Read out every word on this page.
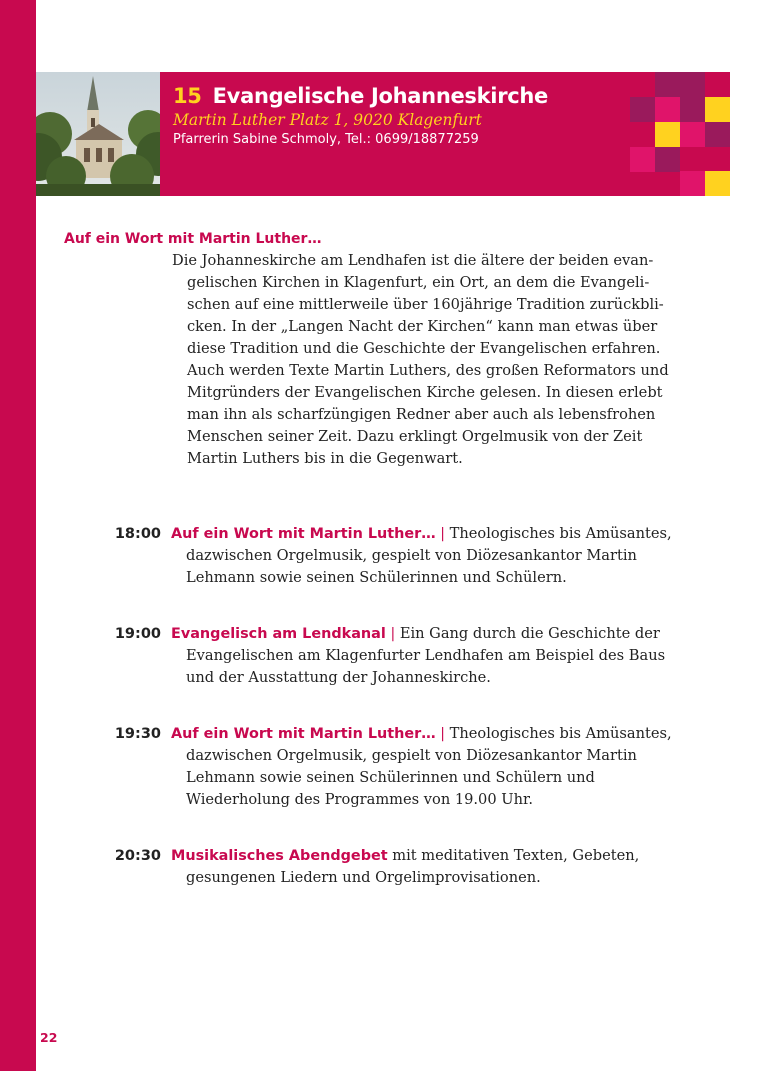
15 Evangelische Johanneskirche
Martin Luther Platz 1, 9020 Klagenfurt
Pfarrerin Sabine Schmoly, Tel.: 0699/18877259
Auf ein Wort mit Martin Luther…
Die Johanneskirche am Lendhafen ist die ältere der beiden evan-
gelischen Kirchen in Klagenfurt, ein Ort, an dem die Evangeli-
schen auf eine mittlerweile über 160jährige Tradition zurückbli-
cken. In der „Langen Nacht der Kirchen“ kann man etwas über
diese Tradition und die Geschichte der Evangelischen erfahren.
Auch werden Texte Martin Luthers, des großen Reformators und
Mitgründers der Evangelischen Kirche gelesen. In diesen erlebt
man ihn als scharfzüngigen Redner aber auch als lebensfrohen
Menschen seiner Zeit. Dazu erklingt Orgelmusik von der Zeit
Martin Luthers bis in die Gegenwart.
18:00 Auf ein Wort mit Martin Luther… | Theologisches bis Amüsantes,
dazwischen Orgelmusik, gespielt von Diözesankantor Martin
Lehmann sowie seinen Schülerinnen und Schülern.
19:00 Evangelisch am Lendkanal | Ein Gang durch die Geschichte der
Evangelischen am Klagenfurter Lendhafen am Beispiel des Baus
und der Ausstattung der Johanneskirche.
19:30 Auf ein Wort mit Martin Luther… | Theologisches bis Amüsantes,
dazwischen Orgelmusik, gespielt von Diözesankantor Martin
Lehmann sowie seinen Schülerinnen und Schülern und
Wiederholung des Programmes von 19.00 Uhr.
20:30 Musikalisches Abendgebet mit meditativen Texten, Gebeten,
gesungenen Liedern und Orgelimprovisationen.
22
